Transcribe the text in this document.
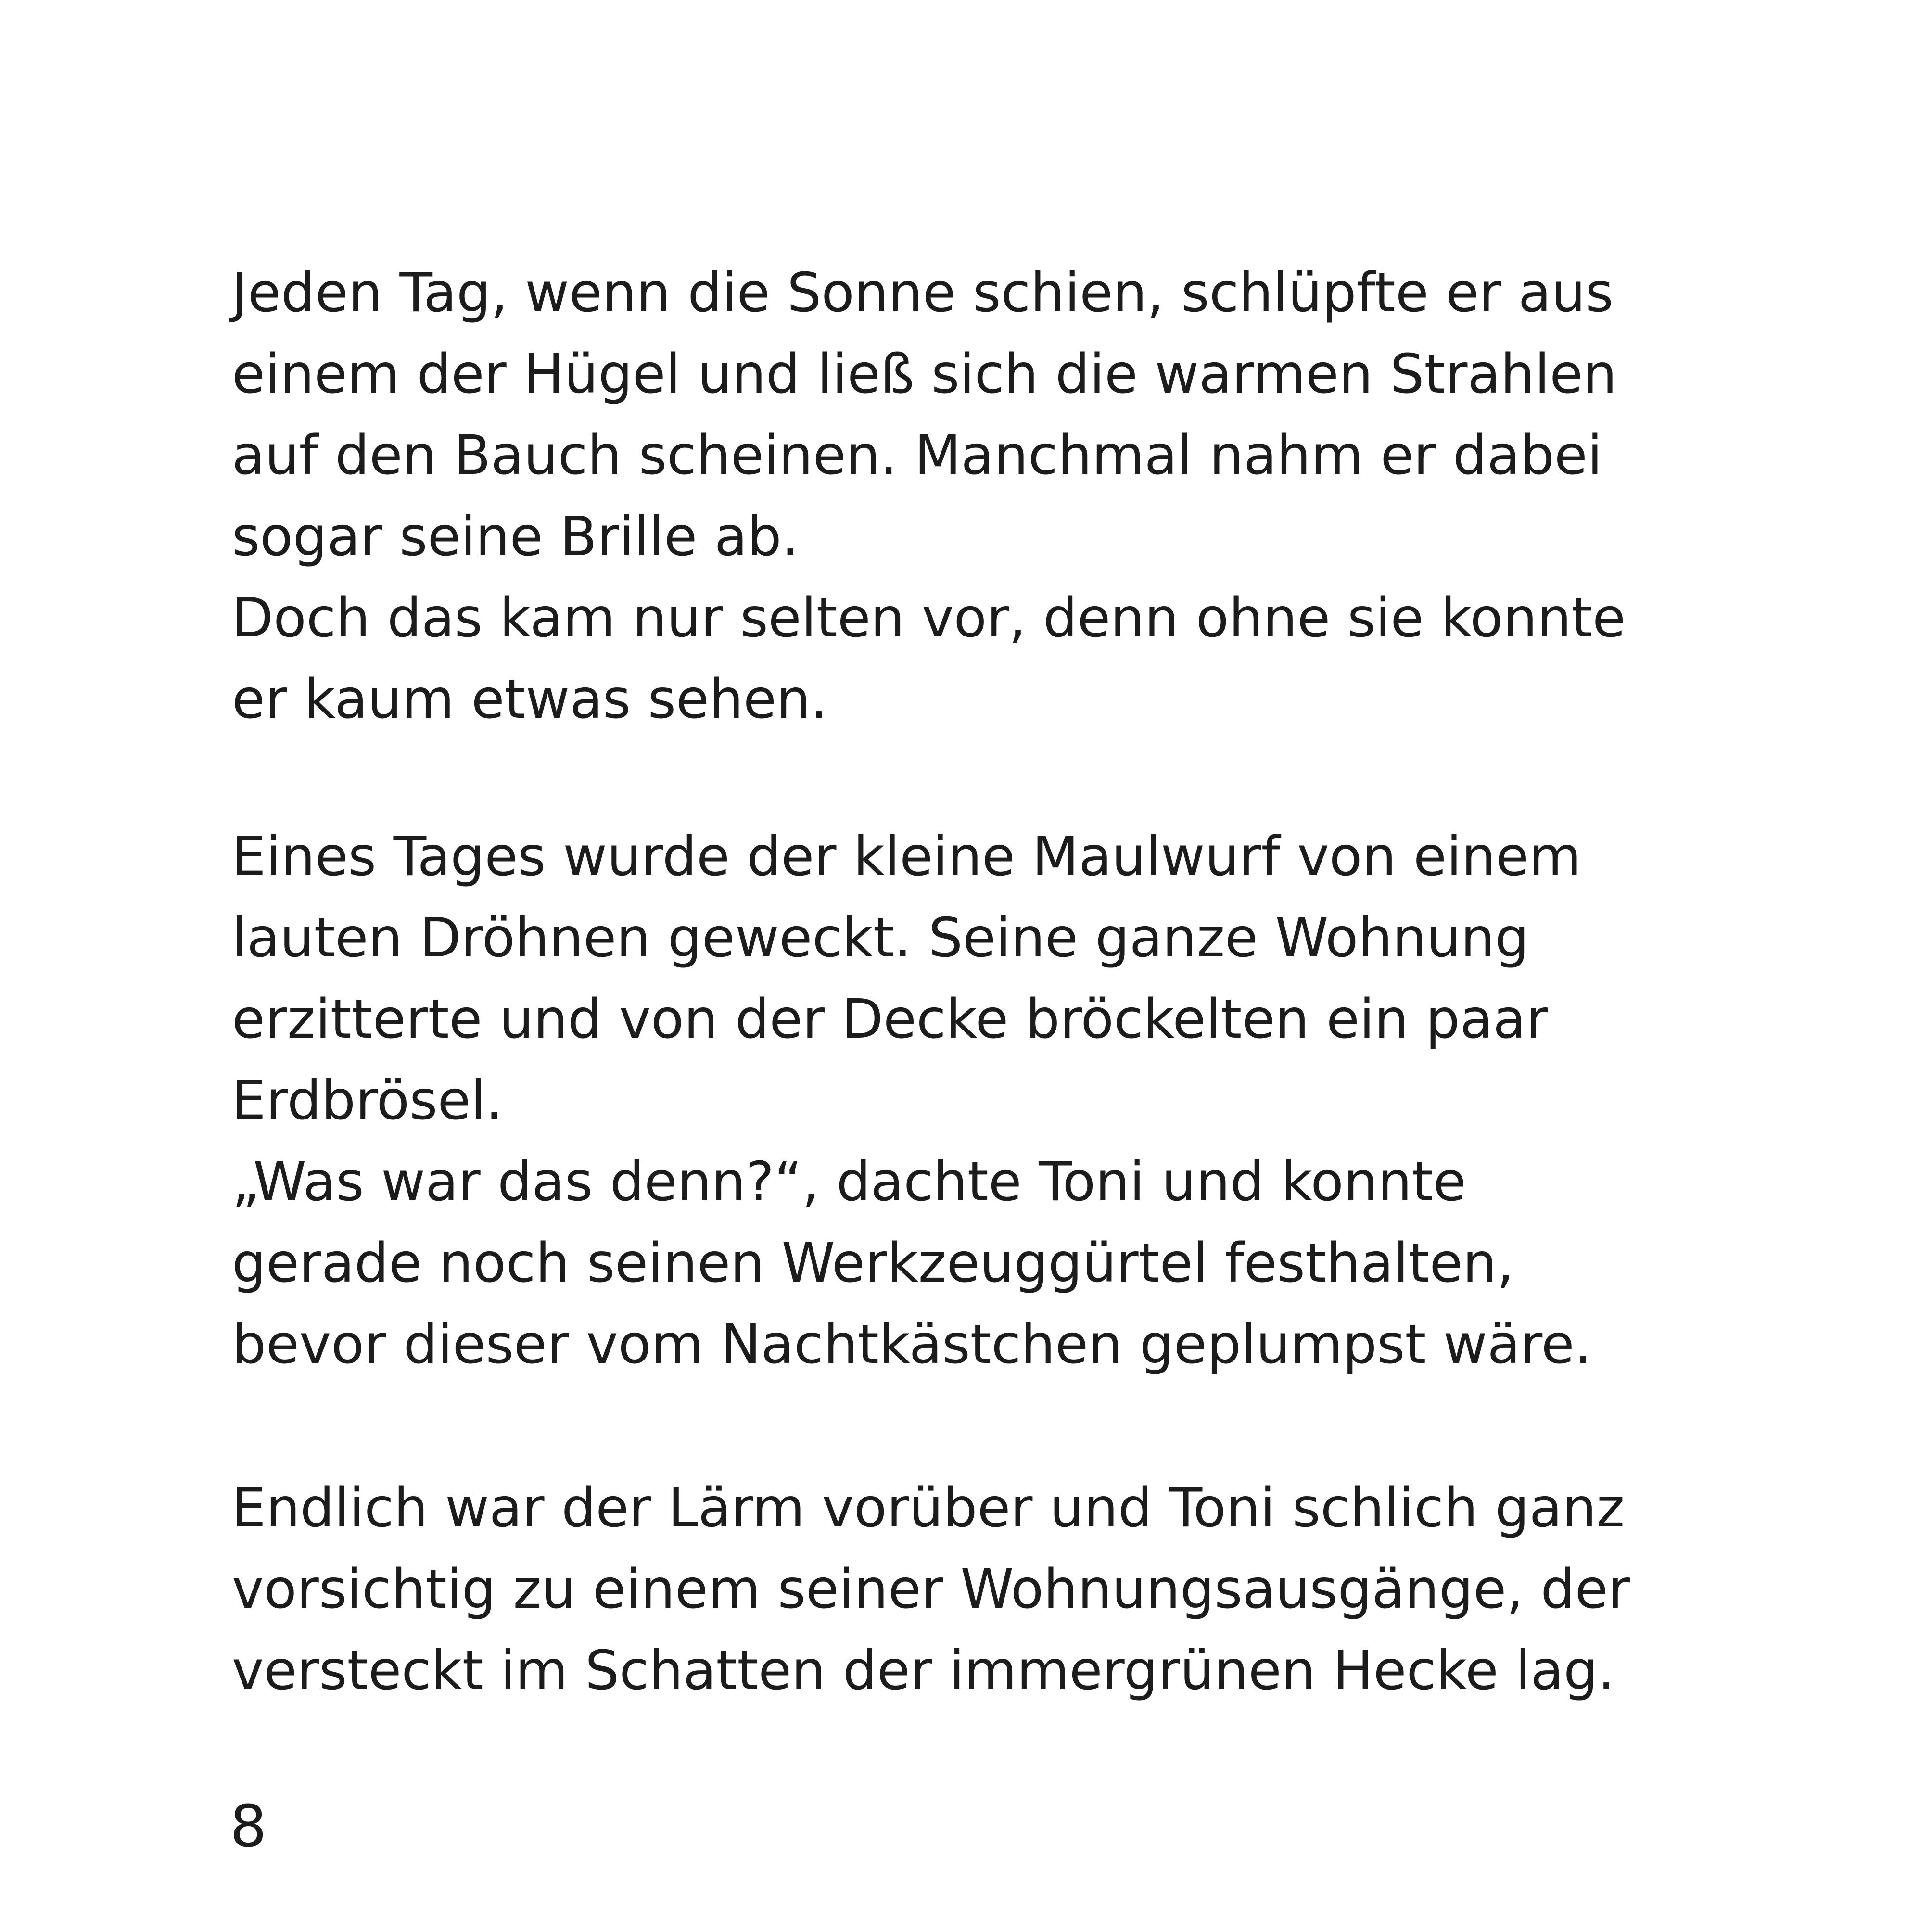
Jeden Tag, wenn die Sonne schien, schlüpfte er aus
einem der Hügel und ließ sich die warmen Strahlen
auf den Bauch scheinen. Manchmal nahm er dabei
sogar seine Brille ab.
Doch das kam nur selten vor, denn ohne sie konnte
er kaum etwas sehen.

Eines Tages wurde der kleine Maulwurf von einem
lauten Dröhnen geweckt. Seine ganze Wohnung
erzitterte und von der Decke bröckelten ein paar
Erdbrösel.
„Was war das denn?“, dachte Toni und konnte
gerade noch seinen Werkzeuggürtel festhalten,
bevor dieser vom Nachtkästchen geplumpst wäre.

Endlich war der Lärm vorüber und Toni schlich ganz
vorsichtig zu einem seiner Wohnungsausgänge, der
versteckt im Schatten der immergrünen Hecke lag.

8
